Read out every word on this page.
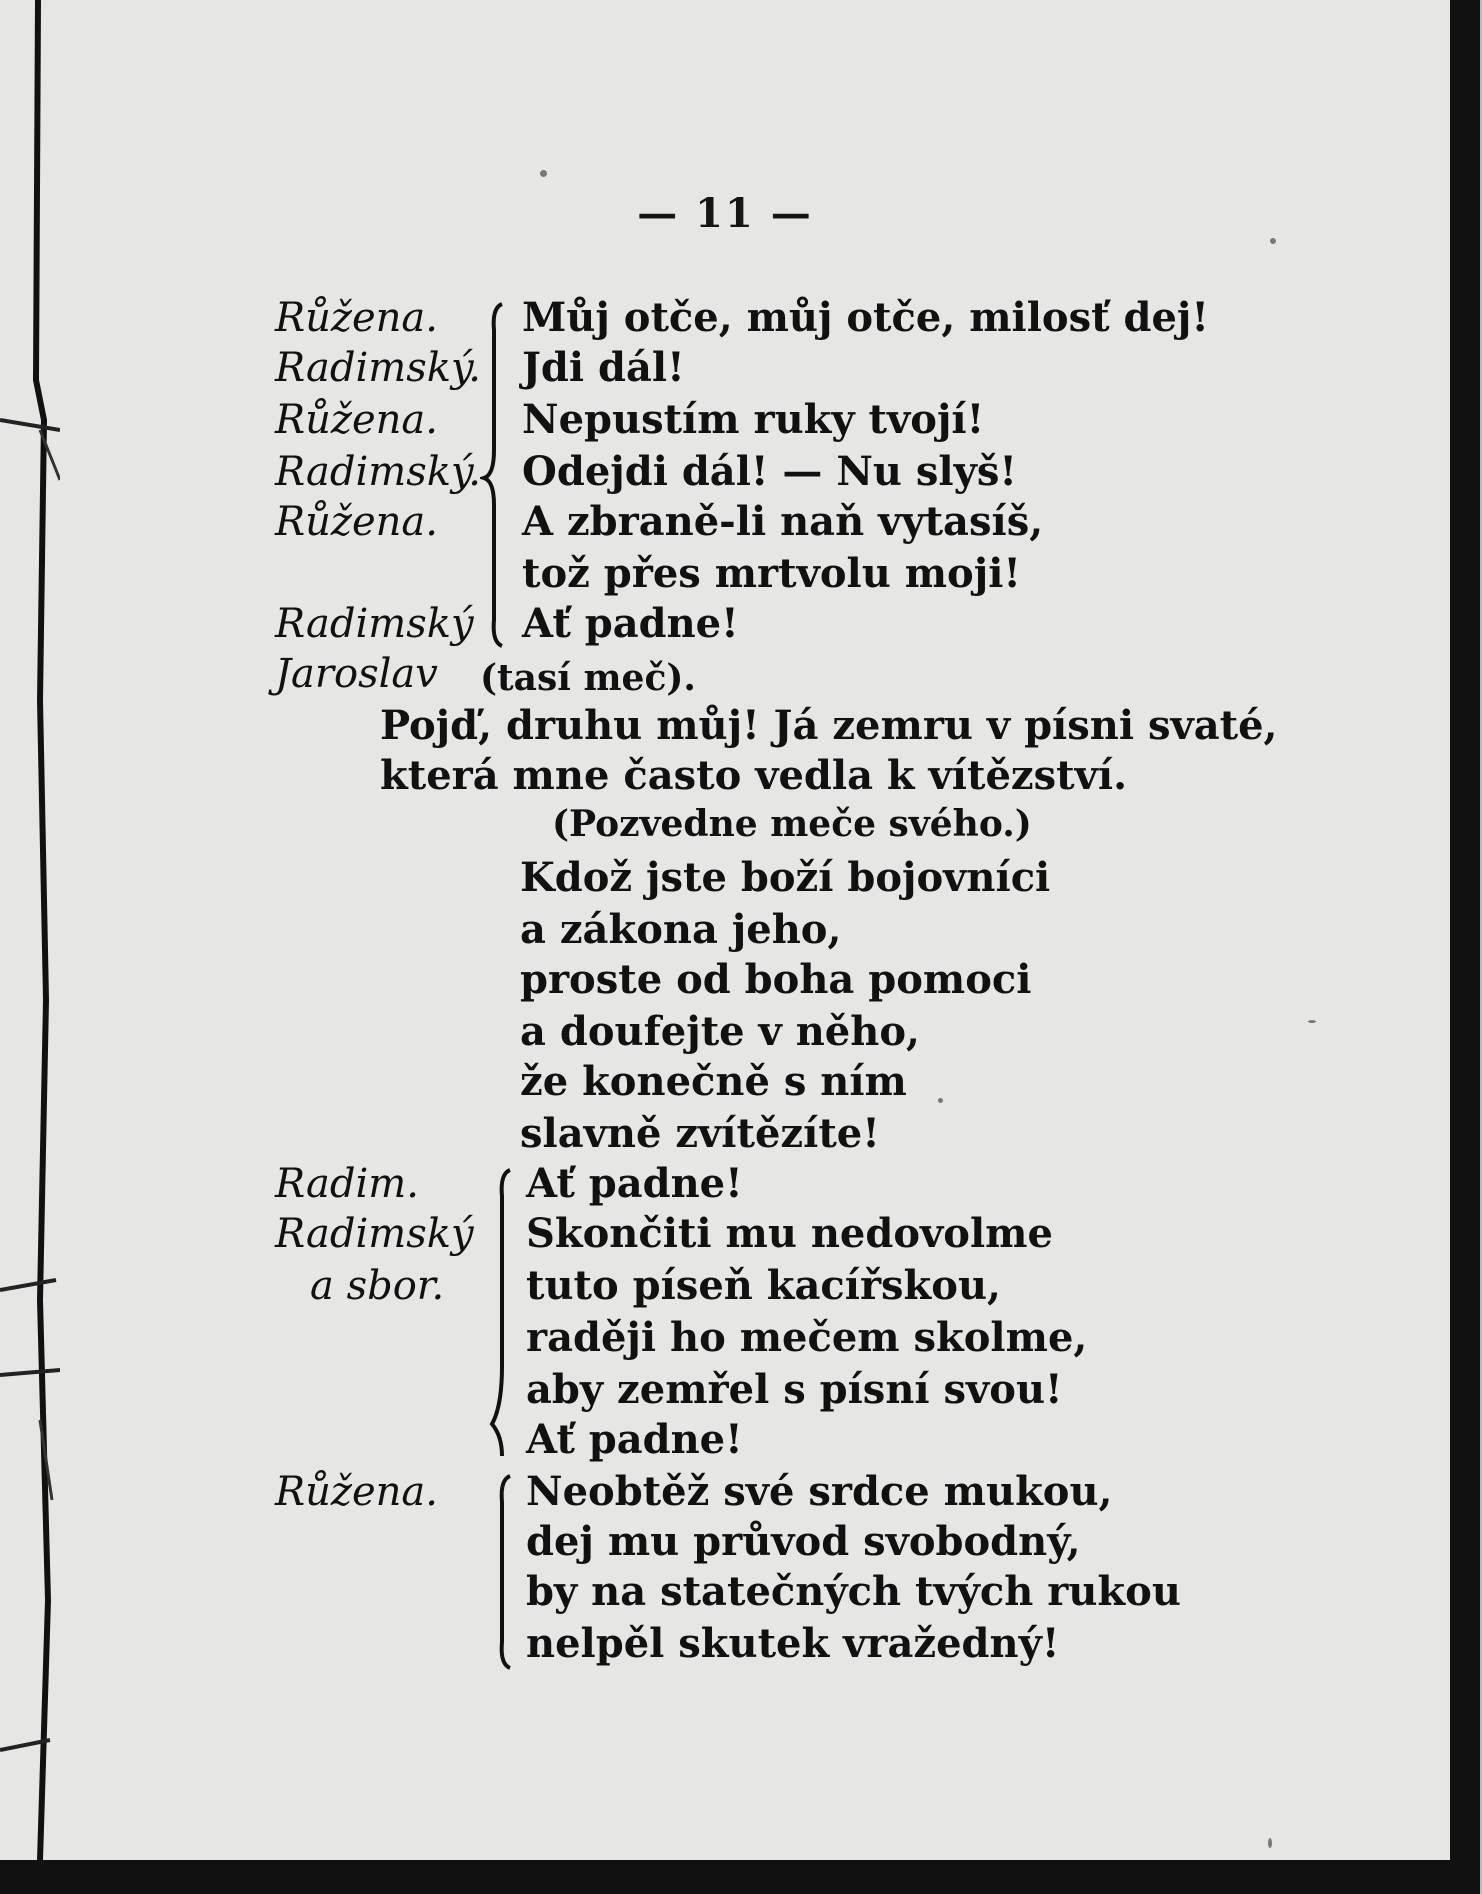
— 11 —
Růžena.
Radimský.
Růžena.
Radimský.
Růžena.
Radimský
Jaroslav (tasí meč).
Můj otče, můj otče, milosť dej!
Jdi dál!
Nepustím ruky tvojí!
Odejdi dál! — Nu slyš!
A zbraně-li naň vytasíš,
tož přes mrtvolu moji!
Ať padne!
Pojď, druhu můj! Já zemru v písni svaté,
která mne často vedla k vítězství.
(Pozvedne meče svého.)
Kdož jste boží bojovníci
a zákona jeho,
proste od boha pomoci
a doufejte v něho,
že konečně s ním
slavně zvítězíte!
Radim.
Radimský
a sbor.
Růžena.
Ať padne!
Skončiti mu nedovolme
tuto píseň kacířskou,
raději ho mečem skolme,
aby zemřel s písní svou!
Ať padne!
Neobtěž své srdce mukou,
dej mu průvod svobodný,
by na statečných tvých rukou
nelpěl skutek vražedný!
